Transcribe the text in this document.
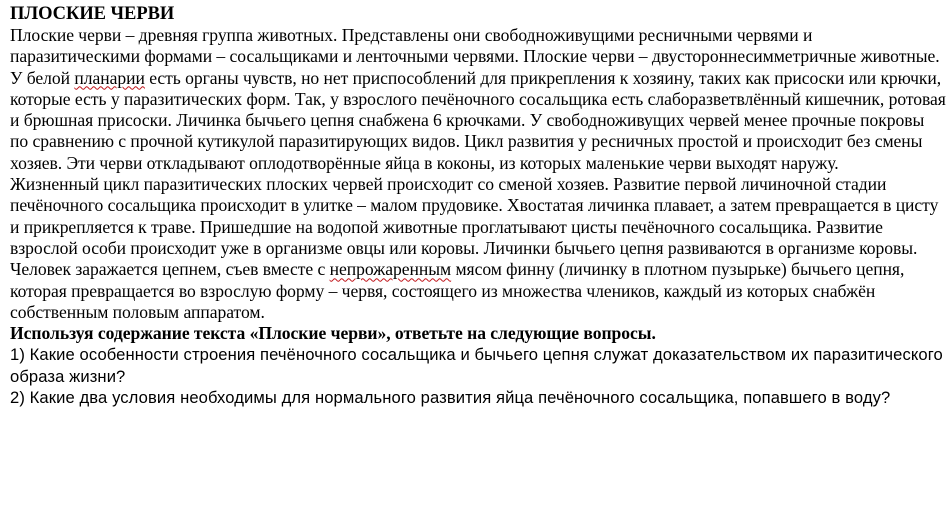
ПЛОСКИЕ ЧЕРВИ

Плоские черви – древняя группа животных. Представлены они свободноживущими ресничными червями и паразитическими формами – сосальщиками и ленточными червями. Плоские черви – двустороннесимметричные животные.

У белой планарии есть органы чувств, но нет приспособлений для прикрепления к хозяину, таких как присоски или крючки, которые есть у паразитических форм. Так, у взрослого печёночного сосальщика есть слаборазветвлённый кишечник, ротовая и брюшная присоски. Личинка бычьего цепня снабжена 6 крючками. У свободноживущих червей менее прочные покровы по сравнению с прочной кутикулой паразитирующих видов. Цикл развития у ресничных простой и происходит без смены хозяев. Эти черви откладывают оплодотворённые яйца в коконы, из которых маленькие черви выходят наружу.

Жизненный цикл паразитических плоских червей происходит со сменой хозяев. Развитие первой личиночной стадии печёночного сосальщика происходит в улитке – малом прудовике. Хвостатая личинка плавает, а затем превращается в цисту и прикрепляется к траве. Пришедшие на водопой животные проглатывают цисты печёночного сосальщика. Развитие взрослой особи происходит уже в организме овцы или коровы. Личинки бычьего цепня развиваются в организме коровы. Человек заражается цепнем, съев вместе с непрожаренным мясом финну (личинку в плотном пузырьке) бычьего цепня, которая превращается во взрослую форму – червя, состоящего из множества члеников, каждый из которых снабжён собственным половым аппаратом.

Используя содержание текста «Плоские черви», ответьте на следующие вопросы.

1) Какие особенности строения печёночного сосальщика и бычьего цепня служат доказательством их паразитического образа жизни?

2) Какие два условия необходимы для нормального развития яйца печёночного сосальщика, попавшего в воду?
